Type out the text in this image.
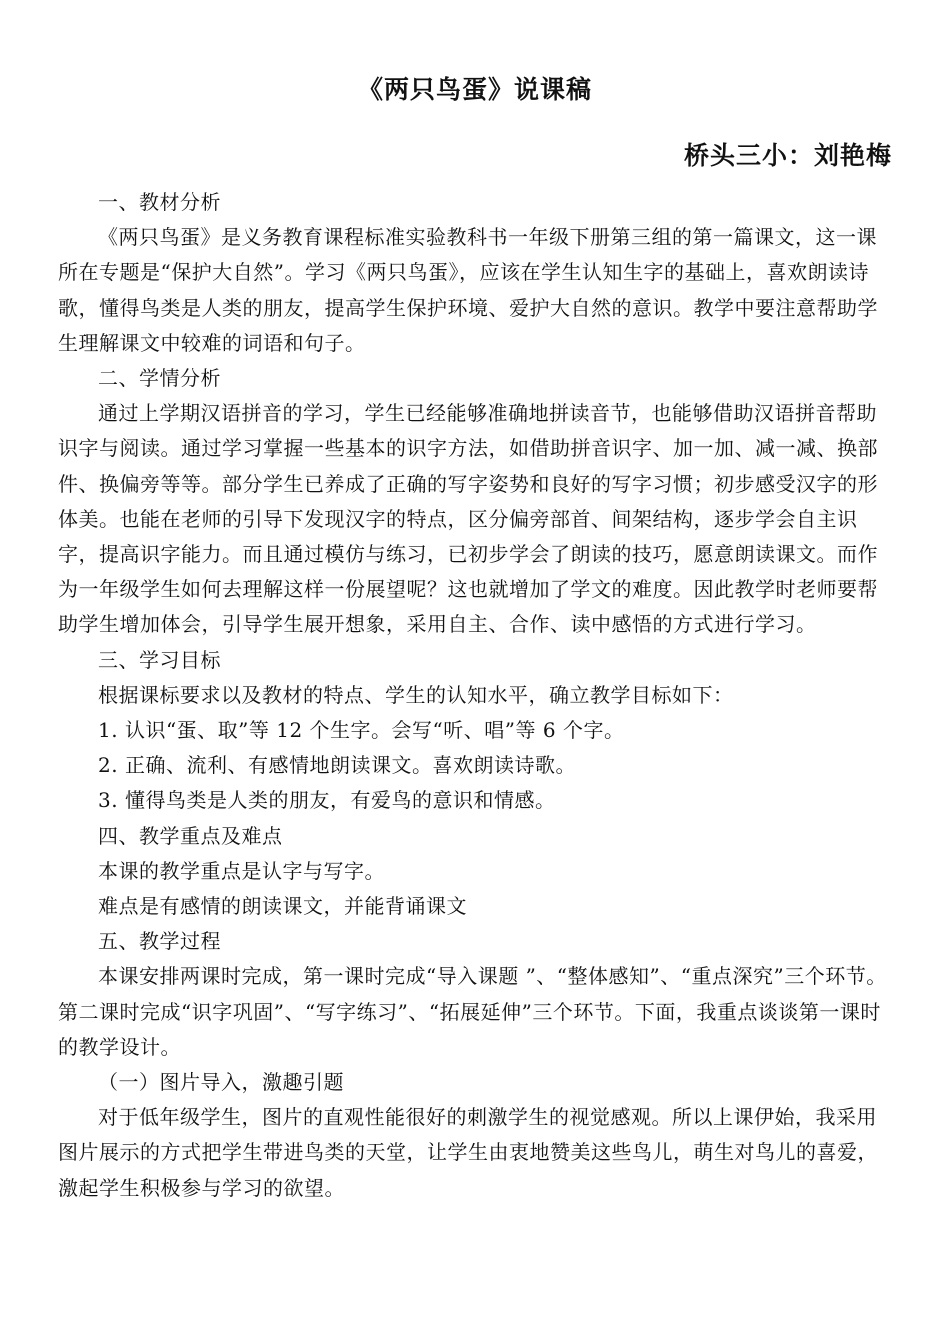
《两只鸟蛋》说课稿
桥头三小：刘艳梅

一、教材分析

《两只鸟蛋》是义务教育课程标准实验教科书一年级下册第三组的第一篇课文，这一课所在专题是“保护大自然”。学习《两只鸟蛋》，应该在学生认知生字的基础上，喜欢朗读诗歌，懂得鸟类是人类的朋友，提高学生保护环境、爱护大自然的意识。教学中要注意帮助学生理解课文中较难的词语和句子。

二、学情分析

通过上学期汉语拼音的学习，学生已经能够准确地拼读音节，也能够借助汉语拼音帮助识字与阅读。通过学习掌握一些基本的识字方法，如借助拼音识字、加一加、减一减、换部件、换偏旁等等。部分学生已养成了正确的写字姿势和良好的写字习惯；初步感受汉字的形体美。也能在老师的引导下发现汉字的特点，区分偏旁部首、间架结构，逐步学会自主识字，提高识字能力。而且通过模仿与练习，已初步学会了朗读的技巧，愿意朗读课文。而作为一年级学生如何去理解这样一份展望呢？这也就增加了学文的难度。因此教学时老师要帮助学生增加体会，引导学生展开想象，采用自主、合作、读中感悟的方式进行学习。

三、学习目标

根据课标要求以及教材的特点、学生的认知水平，确立教学目标如下：

1. 认识“蛋、取”等 12 个生字。会写“听、唱”等 6 个字。

2. 正确、流利、有感情地朗读课文。喜欢朗读诗歌。

3. 懂得鸟类是人类的朋友，有爱鸟的意识和情感。

四、教学重点及难点

本课的教学重点是认字与写字。

难点是有感情的朗读课文，并能背诵课文

五、教学过程

本课安排两课时完成，第一课时完成“导入课题 ”、“整体感知”、“重点深究”三个环节。第二课时完成“识字巩固”、“写字练习”、“拓展延伸”三个环节。下面，我重点谈谈第一课时的教学设计。

（一）图片导入，激趣引题

对于低年级学生，图片的直观性能很好的刺激学生的视觉感观。所以上课伊始，我采用图片展示的方式把学生带进鸟类的天堂，让学生由衷地赞美这些鸟儿，萌生对鸟儿的喜爱，激起学生积极参与学习的欲望。
